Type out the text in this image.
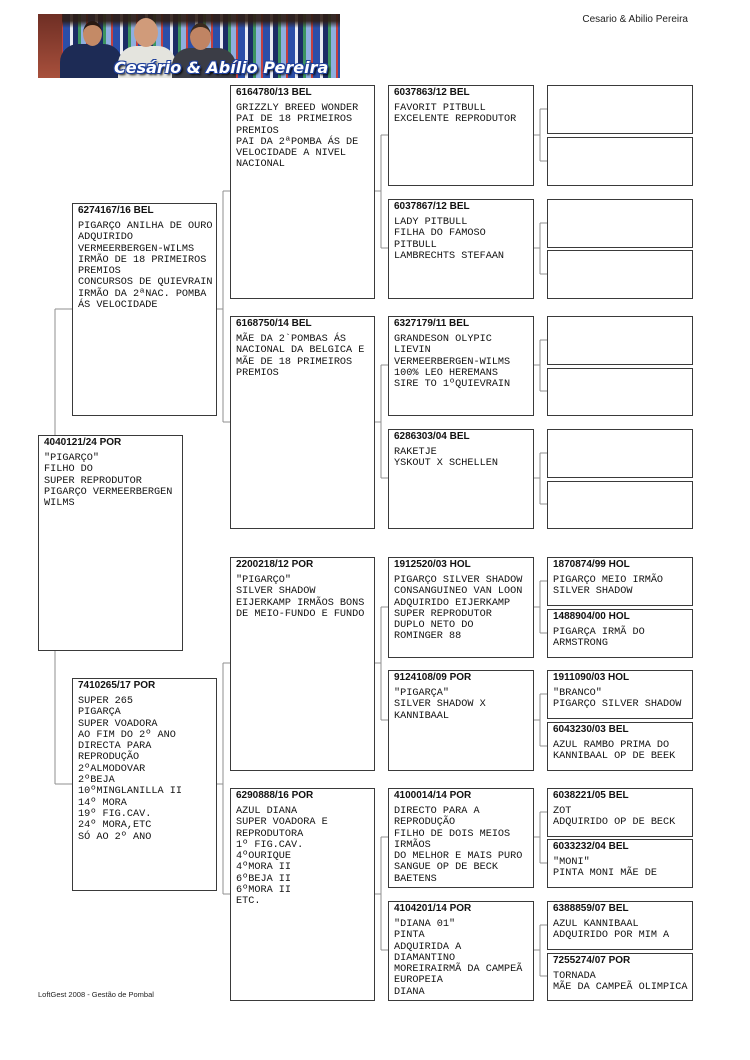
Cesário & Abílio Pereira
Cesario & Abilio Pereira
4040121/24 POR
"PIGARÇO"
FILHO DO
SUPER REPRODUTOR
PIGARÇO VERMEERBERGEN
WILMS
6274167/16 BEL
PIGARÇO ANILHA DE OURO
ADQUIRIDO
VERMEERBERGEN-WILMS
IRMÃO DE 18 PRIMEIROS
PREMIOS
CONCURSOS DE QUIEVRAIN
IRMÃO DA 2ªNAC. POMBA
ÁS VELOCIDADE
7410265/17 POR
SUPER 265
PIGARÇA
SUPER VOADORA
AO FIM DO 2º ANO
DIRECTA PARA
REPRODUÇÃO
2ºALMODOVAR
2ºBEJA
10ºMINGLANILLA II
14º MORA
19º FIG.CAV.
24º MORA,ETC
SÓ AO 2º ANO
6164780/13 BEL
GRIZZLY BREED WONDER
PAI DE 18 PRIMEIROS
PREMIOS
PAI DA 2ªPOMBA ÁS DE
VELOCIDADE A NIVEL
NACIONAL
6168750/14 BEL
MÃE DA 2`POMBAS ÁS
NACIONAL DA BELGICA E
MÃE DE 18 PRIMEIROS
PREMIOS
2200218/12 POR
"PIGARÇO"
SILVER SHADOW
EIJERKAMP IRMÃOS BONS
DE MEIO-FUNDO E FUNDO
6290888/16 POR
AZUL DIANA
SUPER VOADORA E
REPRODUTORA
1º FIG.CAV.
4ºOURIQUE
4ºMORA II
6ºBEJA II
6ºMORA II
ETC.
6037863/12 BEL
FAVORIT PITBULL
EXCELENTE REPRODUTOR
6037867/12 BEL
LADY PITBULL
FILHA DO FAMOSO
PITBULL
LAMBRECHTS STEFAAN
6327179/11 BEL
GRANDESON OLYPIC
LIEVIN
VERMEERBERGEN-WILMS
100% LEO HEREMANS
SIRE TO 1ºQUIEVRAIN
6286303/04 BEL
RAKETJE
YSKOUT X SCHELLEN
1912520/03 HOL
PIGARÇO SILVER SHADOW
CONSANGUINEO VAN LOON
ADQUIRIDO EIJERKAMP
SUPER REPRODUTOR
DUPLO NETO DO
ROMINGER 88
9124108/09 POR
"PIGARÇA"
SILVER SHADOW X
KANNIBAAL
4100014/14 POR
DIRECTO PARA A
REPRODUÇÃO
FILHO DE DOIS MEIOS
IRMÃOS
DO MELHOR E MAIS PURO
SANGUE OP DE BECK
BAETENS
4104201/14 POR
"DIANA 01"
PINTA
ADQUIRIDA A
DIAMANTINO
MOREIRAIRMÃ DA CAMPEÃ
EUROPEIA
DIANA
1870874/99 HOL
PIGARÇO MEIO IRMÃO
SILVER SHADOW
1488904/00 HOL
PIGARÇA IRMÃ DO
ARMSTRONG
1911090/03 HOL
"BRANCO"
PIGARÇO SILVER SHADOW
6043230/03 BEL
AZUL RAMBO PRIMA DO
KANNIBAAL OP DE BEEK
6038221/05 BEL
ZOT
ADQUIRIDO OP DE BECK
6033232/04 BEL
"MONI"
PINTA MONI MÃE DE
6388859/07 BEL
AZUL KANNIBAAL
ADQUIRIDO POR MIM A
7255274/07 POR
TORNADA
MÃE DA CAMPEÃ OLIMPICA
LoftGest 2008 - Gestão de Pombal
